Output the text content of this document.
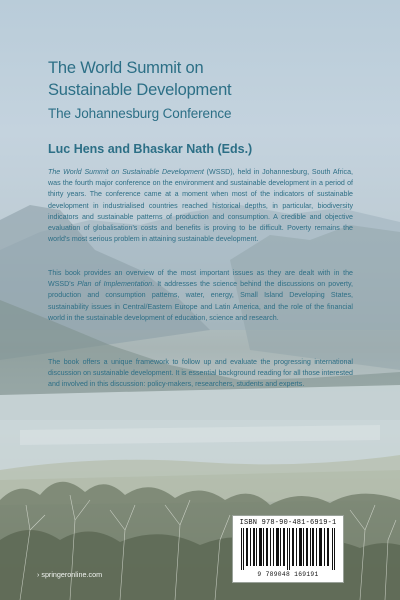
The World Summit on
Sustainable Development
The Johannesburg Conference
Luc Hens and Bhaskar Nath (Eds.)
The World Summit on Sustainable Development (WSSD), held in Johannesburg, South Africa, was the fourth major conference on the environment and sustainable development in a period of thirty years. The conference came at a moment when most of the indicators of sustainable development in industrialised countries reached historical depths, in particular, biodiversity indicators and sustainable patterns of production and consumption. A credible and objective evaluation of globalisation's costs and benefits is proving to be difficult. Poverty remains the world's most serious problem in attaining sustainable development.
This book provides an overview of the most important issues as they are dealt with in the WSSD's Plan of Implementation. It addresses the science behind the discussions on poverty, production and consumption patterns, water, energy, Small Island Developing States, sustainability issues in Central/Eastern Europe and Latin America, and the role of the financial world in the sustainable development of education, science and research.
The book offers a unique framework to follow up and evaluate the progressing international discussion on sustainable development. It is essential background reading for all those interested and involved in this discussion: policy-makers, researchers, students and experts.
ISBN 978-90-481-6919-1
9 789048 169191
› springeronline.com
